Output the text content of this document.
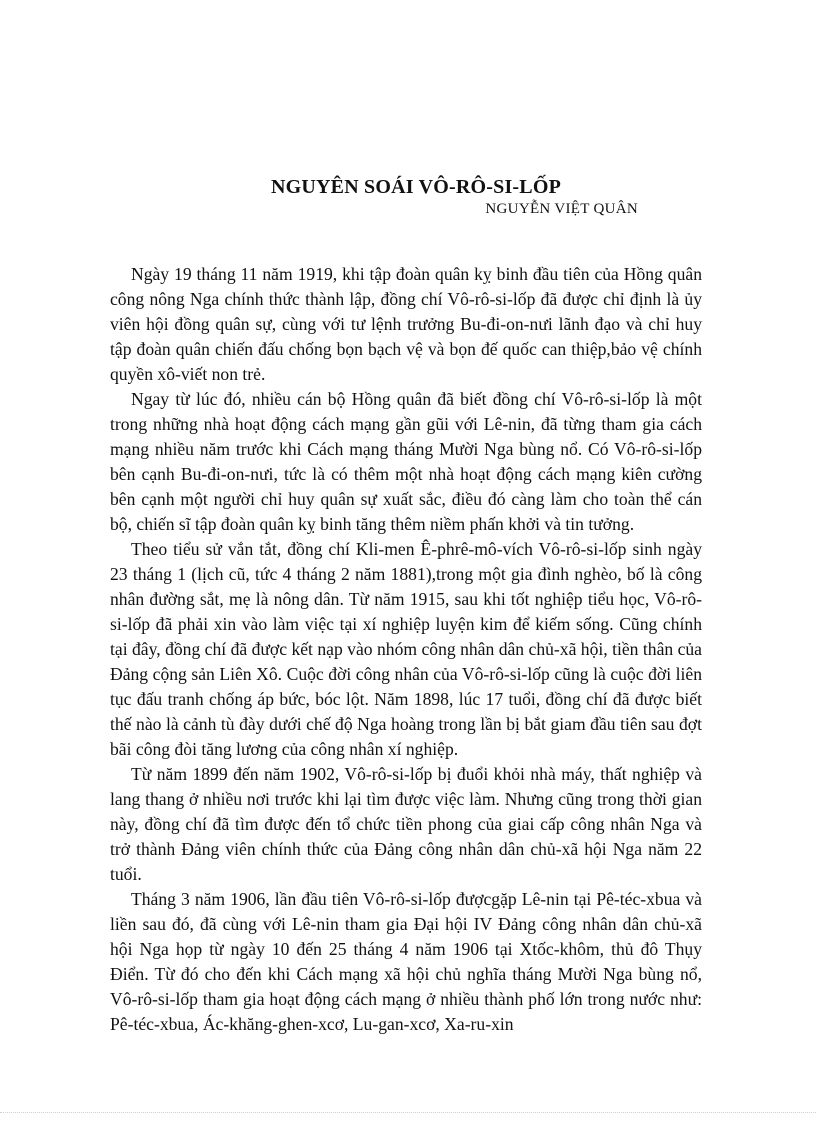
NGUYÊN SOÁI VÔ-RÔ-SI-LỐP
NGUYỄN VIỆT QUÂN

Ngày 19 tháng 11 năm 1919, khi tập đoàn quân kỵ binh đầu tiên của Hồng quân công nông Nga chính thức thành lập, đồng chí Vô-rô-si-lốp đã được chỉ định là ủy viên hội đồng quân sự, cùng với tư lệnh trưởng Bu-đi-on-nưi lãnh đạo và chỉ huy tập đoàn quân chiến đấu chống bọn bạch vệ và bọn đế quốc can thiệp,bảo vệ chính quyền xô-viết non trẻ.

Ngay từ lúc đó, nhiều cán bộ Hồng quân đã biết đồng chí Vô-rô-si-lốp là một trong những nhà hoạt động cách mạng gần gũi với Lê-nin, đã từng tham gia cách mạng nhiều năm trước khi Cách mạng tháng Mười Nga bùng nổ. Có Vô-rô-si-lốp bên cạnh Bu-đi-on-nưi, tức là có thêm một nhà hoạt động cách mạng kiên cường bên cạnh một người chỉ huy quân sự xuất sắc, điều đó càng làm cho toàn thể cán bộ, chiến sĩ tập đoàn quân kỵ binh tăng thêm niềm phấn khởi và tin tưởng.

Theo tiểu sử vắn tắt, đồng chí Kli-men Ê-phrê-mô-vích Vô-rô-si-lốp sinh ngày 23 tháng 1 (lịch cũ, tức 4 tháng 2 năm 1881),trong một gia đình nghèo, bố là công nhân đường sắt, mẹ là nông dân. Từ năm 1915, sau khi tốt nghiệp tiểu học, Vô-rô-si-lốp đã phải xin vào làm việc tại xí nghiệp luyện kim để kiếm sống. Cũng chính tại đây, đồng chí đã được kết nạp vào nhóm công nhân dân chủ-xã hội, tiền thân của Đảng cộng sản Liên Xô. Cuộc đời công nhân của Vô-rô-si-lốp cũng là cuộc đời liên tục đấu tranh chống áp bức, bóc lột. Năm 1898, lúc 17 tuổi, đồng chí đã được biết thế nào là cảnh tù đày dưới chế độ Nga hoàng trong lần bị bắt giam đầu tiên sau đợt bãi công đòi tăng lương của công nhân xí nghiệp.

Từ năm 1899 đến năm 1902, Vô-rô-si-lốp bị đuổi khỏi nhà máy, thất nghiệp và lang thang ở nhiều nơi trước khi lại tìm được việc làm. Nhưng cũng trong thời gian này, đồng chí đã tìm được đến tổ chức tiền phong của giai cấp công nhân Nga và trở thành Đảng viên chính thức của Đảng công nhân dân chủ-xã hội Nga năm 22 tuổi.

Tháng 3 năm 1906, lần đầu tiên Vô-rô-si-lốp đượcgặp Lê-nin tại Pê-téc-xbua và liền sau đó, đã cùng với Lê-nin tham gia Đại hội IV Đảng công nhân dân chủ-xã hội Nga họp từ ngày 10 đến 25 tháng 4 năm 1906 tại Xtốc-khôm, thủ đô Thụy Điển. Từ đó cho đến khi Cách mạng xã hội chủ nghĩa tháng Mười Nga bùng nổ, Vô-rô-si-lốp tham gia hoạt động cách mạng ở nhiều thành phố lớn trong nước như: Pê-téc-xbua, Ác-khăng-ghen-xcơ, Lu-gan-xcơ, Xa-ru-xin
